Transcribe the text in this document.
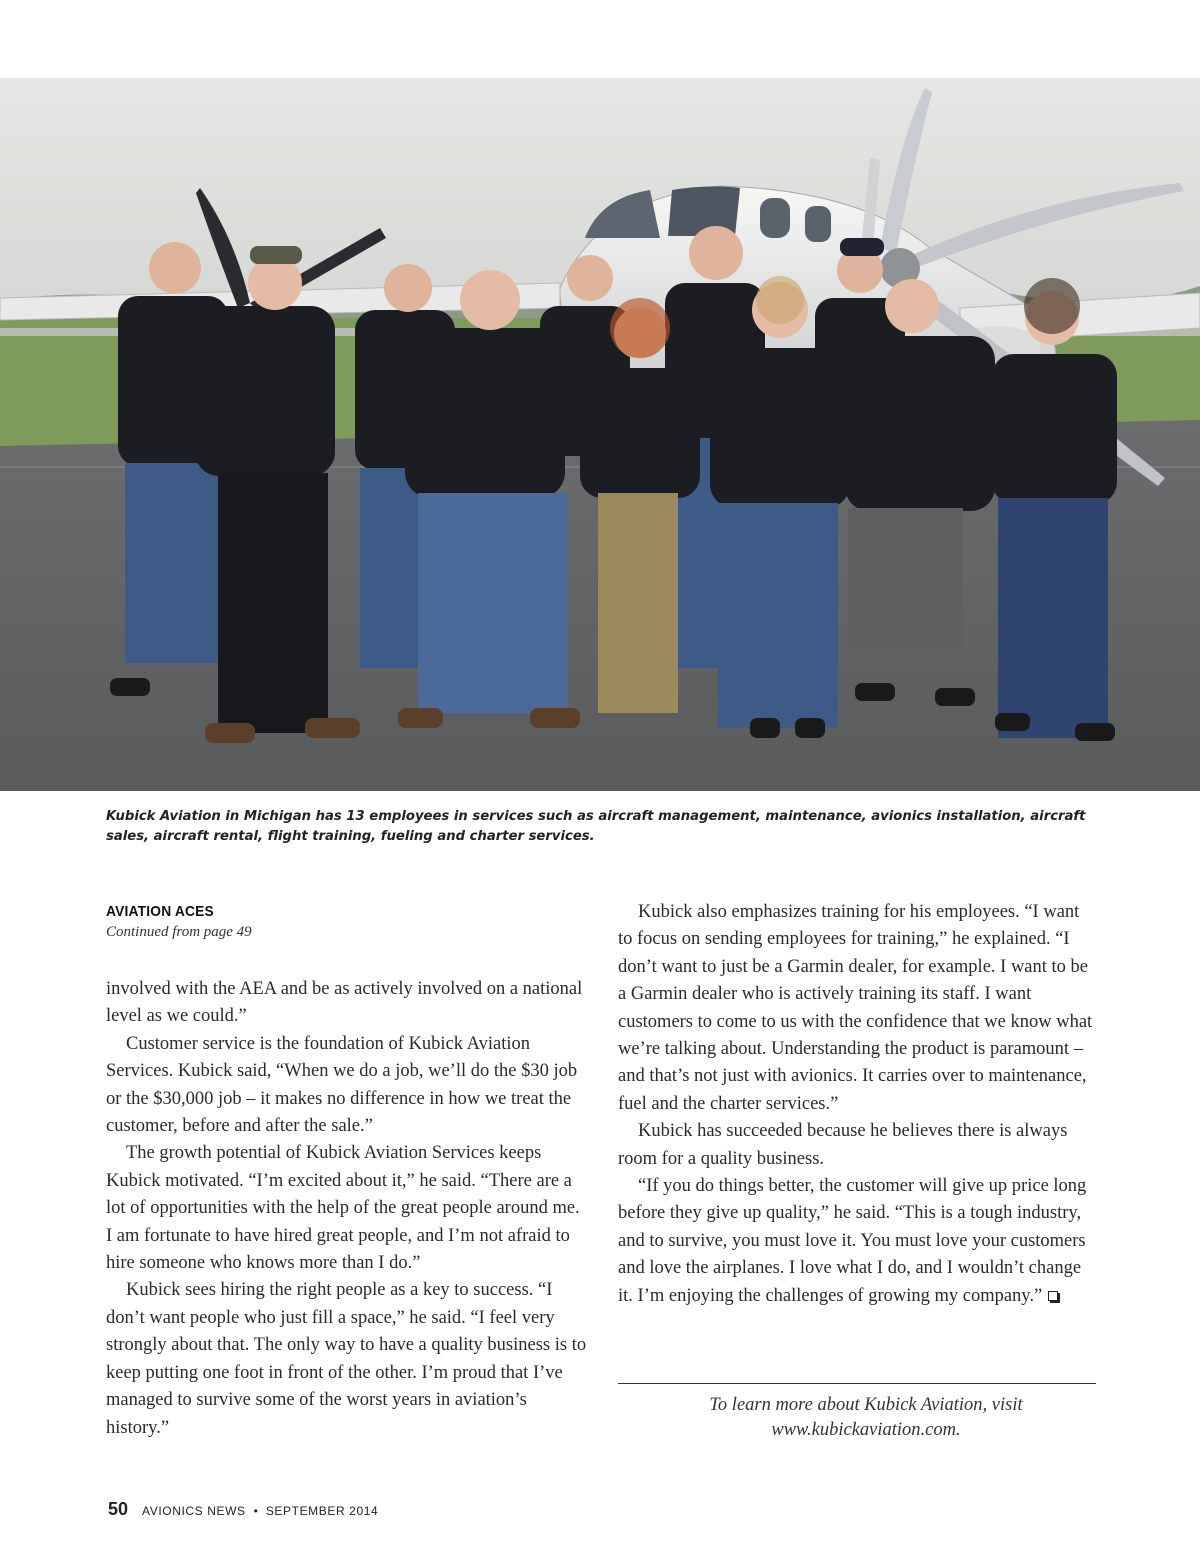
Kubick Aviation in Michigan has 13 employees in services such as aircraft management, maintenance, avionics installation, aircraft sales, aircraft rental, flight training, fueling and charter services.
AVIATION ACES
Continued from page 49

involved with the AEA and be as actively involved on a national level as we could.”

Customer service is the foundation of Kubick Aviation Services. Kubick said, “When we do a job, we’ll do the $30 job or the $30,000 job – it makes no difference in how we treat the customer, before and after the sale.”

The growth potential of Kubick Aviation Services keeps Kubick motivated. “I’m excited about it,” he said. “There are a lot of opportunities with the help of the great people around me. I am fortunate to have hired great people, and I’m not afraid to hire someone who knows more than I do.”

Kubick sees hiring the right people as a key to success. “I don’t want people who just fill a space,” he said. “I feel very strongly about that. The only way to have a quality business is to keep putting one foot in front of the other. I’m proud that I’ve managed to survive some of the worst years in aviation’s history.”

Kubick also emphasizes training for his employees. “I want to focus on sending employees for training,” he explained. “I don’t want to just be a Garmin dealer, for example. I want to be a Garmin dealer who is actively training its staff. I want customers to come to us with the confidence that we know what we’re talking about. Understanding the product is paramount – and that’s not just with avionics. It carries over to maintenance, fuel and the charter services.”

Kubick has succeeded because he believes there is always room for a quality business.

“If you do things better, the customer will give up price long before they give up quality,” he said. “This is a tough industry, and to survive, you must love it. You must love your customers and love the airplanes. I love what I do, and I wouldn’t change it. I’m enjoying the challenges of growing my company.”

To learn more about Kubick Aviation, visit
www.kubickaviation.com.
50 AVIONICS NEWS • SEPTEMBER 2014
